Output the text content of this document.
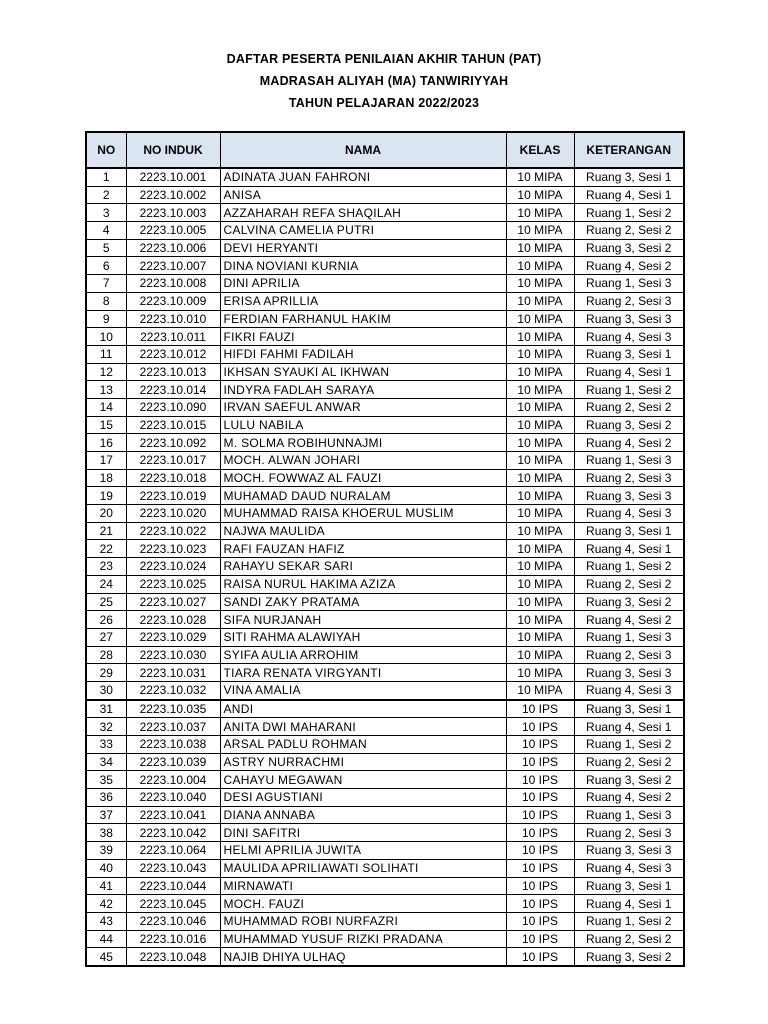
DAFTAR PESERTA PENILAIAN AKHIR TAHUN (PAT)
MADRASAH ALIYAH (MA) TANWIRIYYAH
TAHUN PELAJARAN 2022/2023
NO	NO INDUK	NAMA	KELAS	KETERANGAN
1	2223.10.001	ADINATA JUAN FAHRONI	10 MIPA	Ruang 3, Sesi 1
2	2223.10.002	ANISA	10 MIPA	Ruang 4, Sesi 1
3	2223.10.003	AZZAHARAH REFA SHAQILAH	10 MIPA	Ruang 1, Sesi 2
4	2223.10.005	CALVINA CAMELIA PUTRI	10 MIPA	Ruang 2, Sesi 2
5	2223.10.006	DEVI HERYANTI	10 MIPA	Ruang 3, Sesi 2
6	2223.10.007	DINA NOVIANI KURNIA	10 MIPA	Ruang 4, Sesi 2
7	2223.10.008	DINI APRILIA	10 MIPA	Ruang 1, Sesi 3
8	2223.10.009	ERISA APRILLIA	10 MIPA	Ruang 2, Sesi 3
9	2223.10.010	FERDIAN FARHANUL HAKIM	10 MIPA	Ruang 3, Sesi 3
10	2223.10.011	FIKRI FAUZI	10 MIPA	Ruang 4, Sesi 3
11	2223.10.012	HIFDI FAHMI FADILAH	10 MIPA	Ruang 3, Sesi 1
12	2223.10.013	IKHSAN SYAUKI AL IKHWAN	10 MIPA	Ruang 4, Sesi 1
13	2223.10.014	INDYRA FADLAH SARAYA	10 MIPA	Ruang 1, Sesi 2
14	2223.10.090	IRVAN SAEFUL ANWAR	10 MIPA	Ruang 2, Sesi 2
15	2223.10.015	LULU NABILA	10 MIPA	Ruang 3, Sesi 2
16	2223.10.092	M. SOLMA ROBIHUNNAJMI	10 MIPA	Ruang 4, Sesi 2
17	2223.10.017	MOCH. ALWAN JOHARI	10 MIPA	Ruang 1, Sesi 3
18	2223.10.018	MOCH. FOWWAZ AL FAUZI	10 MIPA	Ruang 2, Sesi 3
19	2223.10.019	MUHAMAD DAUD NURALAM	10 MIPA	Ruang 3, Sesi 3
20	2223.10.020	MUHAMMAD RAISA KHOERUL MUSLIM	10 MIPA	Ruang 4, Sesi 3
21	2223.10.022	NAJWA MAULIDA	10 MIPA	Ruang 3, Sesi 1
22	2223.10.023	RAFI FAUZAN HAFIZ	10 MIPA	Ruang 4, Sesi 1
23	2223.10.024	RAHAYU SEKAR SARI	10 MIPA	Ruang 1, Sesi 2
24	2223.10.025	RAISA NURUL HAKIMA AZIZA	10 MIPA	Ruang 2, Sesi 2
25	2223.10.027	SANDI ZAKY PRATAMA	10 MIPA	Ruang 3, Sesi 2
26	2223.10.028	SIFA NURJANAH	10 MIPA	Ruang 4, Sesi 2
27	2223.10.029	SITI RAHMA ALAWIYAH	10 MIPA	Ruang 1, Sesi 3
28	2223.10.030	SYIFA AULIA ARROHIM	10 MIPA	Ruang 2, Sesi 3
29	2223.10.031	TIARA RENATA VIRGYANTI	10 MIPA	Ruang 3, Sesi 3
30	2223.10.032	VINA AMALIA	10 MIPA	Ruang 4, Sesi 3
31	2223.10.035	ANDI	10 IPS	Ruang 3, Sesi 1
32	2223.10.037	ANITA DWI MAHARANI	10 IPS	Ruang 4, Sesi 1
33	2223.10.038	ARSAL PADLU ROHMAN	10 IPS	Ruang 1, Sesi 2
34	2223.10.039	ASTRY NURRACHMI	10 IPS	Ruang 2, Sesi 2
35	2223.10.004	CAHAYU MEGAWAN	10 IPS	Ruang 3, Sesi 2
36	2223.10.040	DESI AGUSTIANI	10 IPS	Ruang 4, Sesi 2
37	2223.10.041	DIANA ANNABA	10 IPS	Ruang 1, Sesi 3
38	2223.10.042	DINI SAFITRI	10 IPS	Ruang 2, Sesi 3
39	2223.10.064	HELMI APRILIA JUWITA	10 IPS	Ruang 3, Sesi 3
40	2223.10.043	MAULIDA APRILIAWATI SOLIHATI	10 IPS	Ruang 4, Sesi 3
41	2223.10.044	MIRNAWATI	10 IPS	Ruang 3, Sesi 1
42	2223.10.045	MOCH. FAUZI	10 IPS	Ruang 4, Sesi 1
43	2223.10.046	MUHAMMAD ROBI NURFAZRI	10 IPS	Ruang 1, Sesi 2
44	2223.10.016	MUHAMMAD YUSUF RIZKI PRADANA	10 IPS	Ruang 2, Sesi 2
45	2223.10.048	NAJIB DHIYA ULHAQ	10 IPS	Ruang 3, Sesi 2
